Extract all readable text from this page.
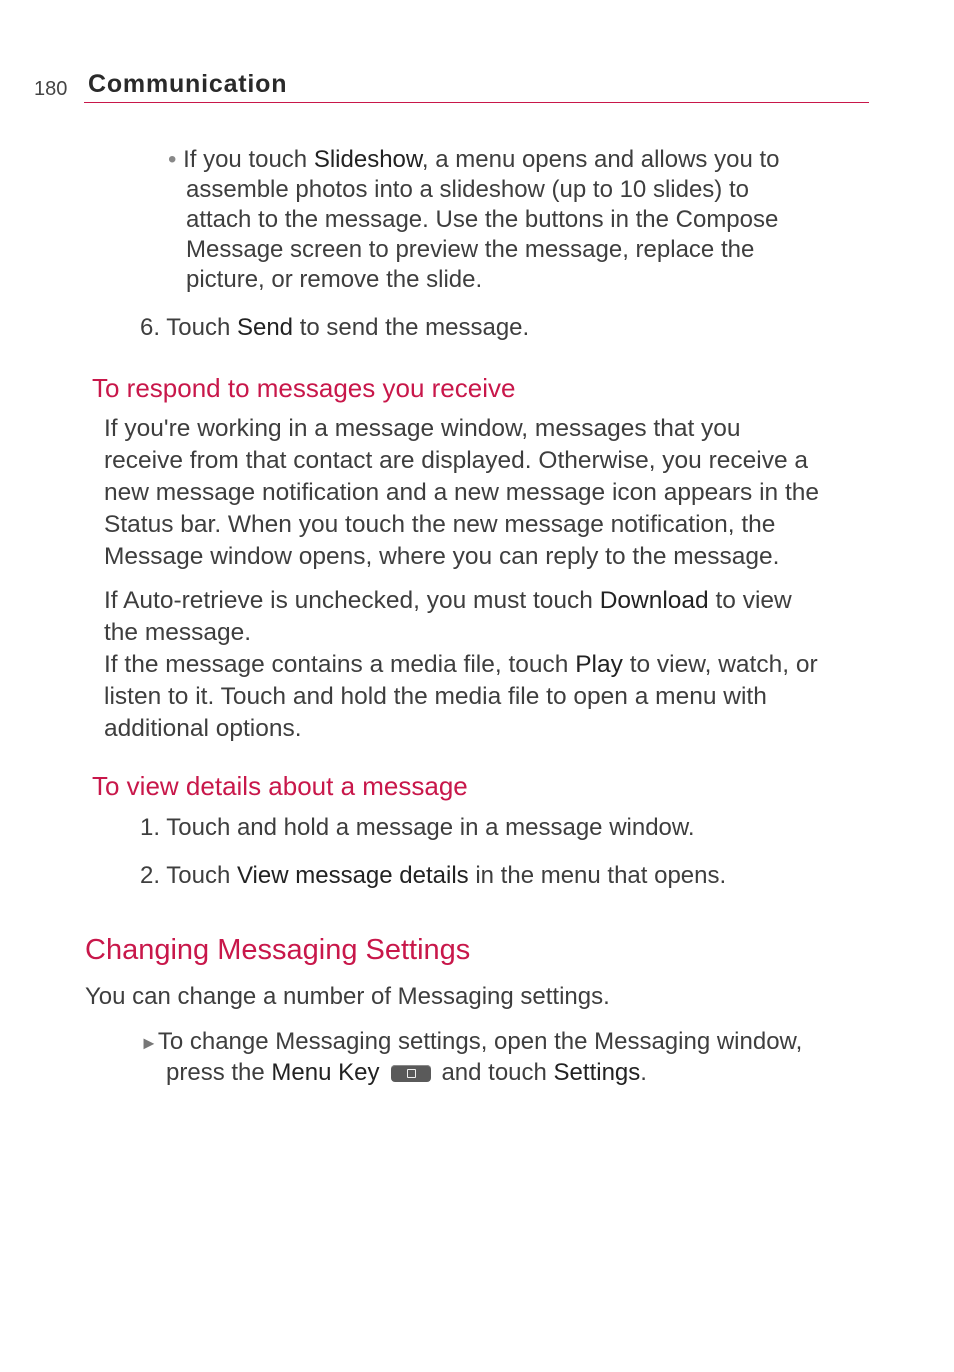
180 Communication
• If you touch Slideshow, a menu opens and allows you to
assemble photos into a slideshow (up to 10 slides) to
attach to the message. Use the buttons in the Compose
Message screen to preview the message, replace the
picture, or remove the slide.
6. Touch Send to send the message.
To respond to messages you receive
If you're working in a message window, messages that you
receive from that contact are displayed. Otherwise, you receive a
new message notification and a new message icon appears in the
Status bar. When you touch the new message notification, the
Message window opens, where you can reply to the message.
If Auto-retrieve is unchecked, you must touch Download to view
the message.
If the message contains a media file, touch Play to view, watch, or
listen to it. Touch and hold the media file to open a menu with
additional options.
To view details about a message
1. Touch and hold a message in a message window.
2. Touch View message details in the menu that opens.
Changing Messaging Settings
You can change a number of Messaging settings.
►To change Messaging settings, open the Messaging window,
press the Menu Key	and touch Settings.
